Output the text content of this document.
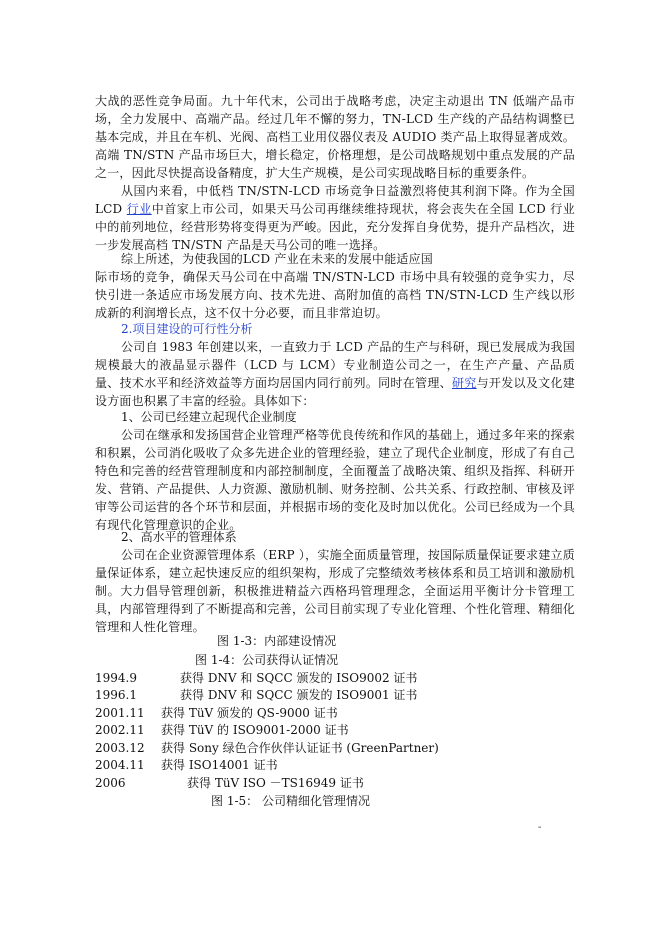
大战的恶性竞争局面。九十年代末，公司出于战略考虑，决定主动退出 TN 低端产品市场，全力发展中、高端产品。经过几年不懈的努力，TN-LCD 生产线的产品结构调整已基本完成，并且在车机、光阀、高档工业用仪器仪表及 AUDIO 类产品上取得显著成效。高端 TN/STN 产品市场巨大，增长稳定，价格理想，是公司战略规划中重点发展的产品之一，因此尽快提高设备精度，扩大生产规模，是公司实现战略目标的重要条件。

从国内来看，中低档 TN/STN-LCD 市场竞争日益激烈将使其利润下降。作为全国 LCD 行业中首家上市公司，如果天马公司再继续维持现状，将会丧失在全国 LCD 行业中的前列地位，经营形势将变得更为严峻。因此，充分发挥自身优势，提升产品档次，进一步发展高档 TN/STN 产品是天马公司的唯一选择。

综上所述，为使我国的LCD 产业在未来的发展中能适应国

际市场的竞争，确保天马公司在中高端 TN/STN-LCD 市场中具有较强的竞争实力，尽快引进一条适应市场发展方向、技术先进、高附加值的高档 TN/STN-LCD 生产线以形成新的利润增长点，这不仅十分必要，而且非常迫切。

2.项目建设的可行性分析

公司自 1983 年创建以来，一直致力于 LCD 产品的生产与科研，现已发展成为我国规模最大的液晶显示器件（LCD 与 LCM）专业制造公司之一，在生产产量、产品质量、技术水平和经济效益等方面均居国内同行前列。同时在管理、研究与开发以及文化建设方面也积累了丰富的经验。具体如下：

1、公司已经建立起现代企业制度

公司在继承和发扬国营企业管理严格等优良传统和作风的基础上，通过多年来的探索和积累，公司消化吸收了众多先进企业的管理经验，建立了现代企业制度，形成了有自己特色和完善的经营管理制度和内部控制制度，全面覆盖了战略决策、组织及指挥、科研开发、营销、产品提供、人力资源、激励机制、财务控制、公共关系、行政控制、审核及评审等公司运营的各个环节和层面，并根据市场的变化及时加以优化。公司已经成为一个具有现代化管理意识的企业。

2、高水平的管理体系

公司在企业资源管理体系（ERP ），实施全面质量管理，按国际质量保证要求建立质量保证体系，建立起快速反应的组织架构，形成了完整绩效考核体系和员工培训和激励机制。大力倡导管理创新，积极推进精益六西格玛管理理念，全面运用平衡计分卡管理工具，内部管理得到了不断提高和完善，公司目前实现了专业化管理、个性化管理、精细化管理和人性化管理。

图 1-3：内部建设情况
图 1-4：公司获得认证情况
1994.9	获得 DNV 和 SQCC 颁发的 ISO9002 证书
1996.1	获得 DNV 和 SQCC 颁发的 ISO9001 证书
2001.11 获得 TüV 颁发的 QS-9000 证书
2002.11 获得 TüV 的 ISO9001-2000 证书
2003.12 获得 Sony 绿色合作伙伴认证证书 (GreenPartner)
2004.11 获得 ISO14001 证书
2006	获得 TüV ISO －TS16949 证书
图 1-5： 公司精细化管理情况
-
